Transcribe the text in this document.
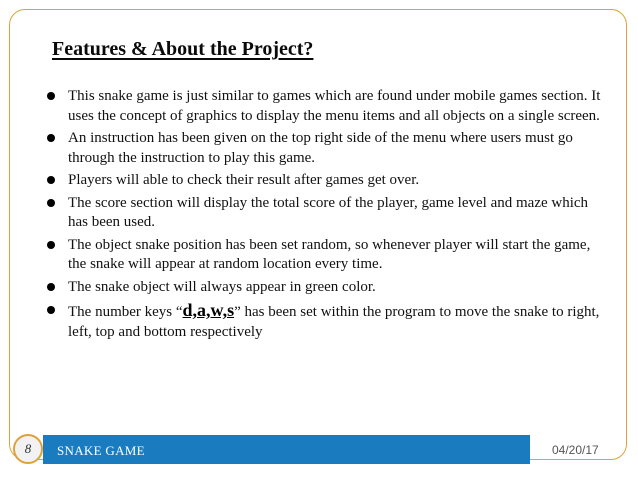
Features & About the Project?
This snake game is just similar to games which are found under mobile games section. It uses the concept of graphics to display the menu items and all objects on a single screen.
An instruction has been given on the top right side of the menu where users must go through the instruction to play this game.
Players will able to check their result after games get over.
The score section will display the total score of the player, game level and maze which has been used.
The object snake position has been set random, so whenever player will start the game, the snake will appear at random location every time.
The snake object will always appear in green color.
The number keys “d,a,w,s” has been set within the program to move the snake to right, left, top and bottom respectively
8	SNAKE GAME	04/20/17
